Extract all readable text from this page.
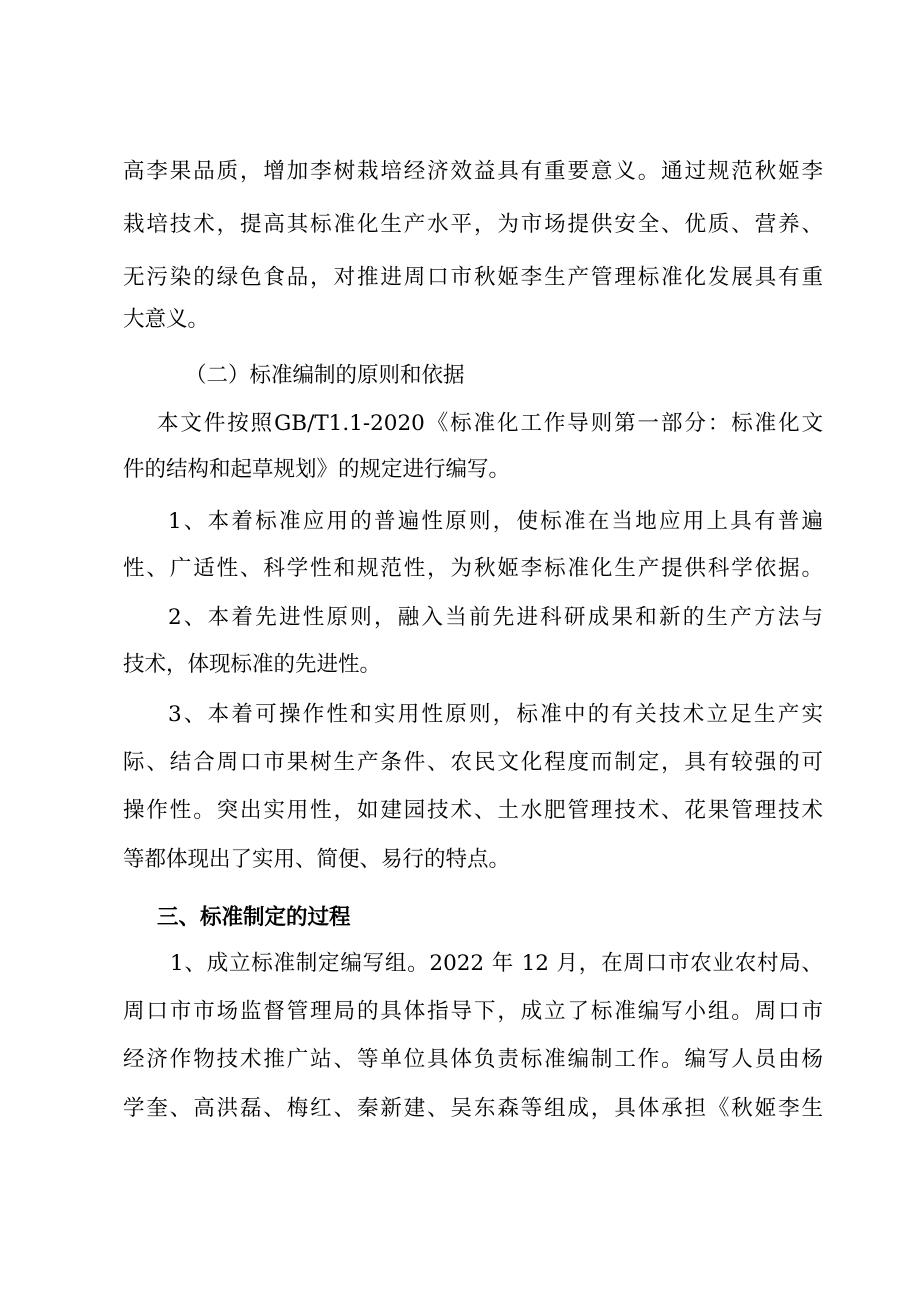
高李果品质，增加李树栽培经济效益具有重要意义。通过规范秋姬李
栽培技术，提高其标准化生产水平，为市场提供安全、优质、营养、
无污染的绿色食品，对推进周口市秋姬李生产管理标准化发展具有重
大意义。
（二）标准编制的原则和依据
本文件按照GB/T1.1-2020《标准化工作导则第一部分：标准化文
件的结构和起草规划》的规定进行编写。
1、本着标准应用的普遍性原则，使标准在当地应用上具有普遍
性、广适性、科学性和规范性，为秋姬李标准化生产提供科学依据。
2、本着先进性原则，融入当前先进科研成果和新的生产方法与
技术，体现标准的先进性。
3、本着可操作性和实用性原则，标准中的有关技术立足生产实
际、结合周口市果树生产条件、农民文化程度而制定，具有较强的可
操作性。突出实用性，如建园技术、土水肥管理技术、花果管理技术
等都体现出了实用、简便、易行的特点。
三、标准制定的过程
1、成立标准制定编写组。2022 年 12 月，在周口市农业农村局、
周口市市场监督管理局的具体指导下，成立了标准编写小组。周口市
经济作物技术推广站、等单位具体负责标准编制工作。编写人员由杨
学奎、高洪磊、梅红、秦新建、吴东森等组成，具体承担《秋姬李生
